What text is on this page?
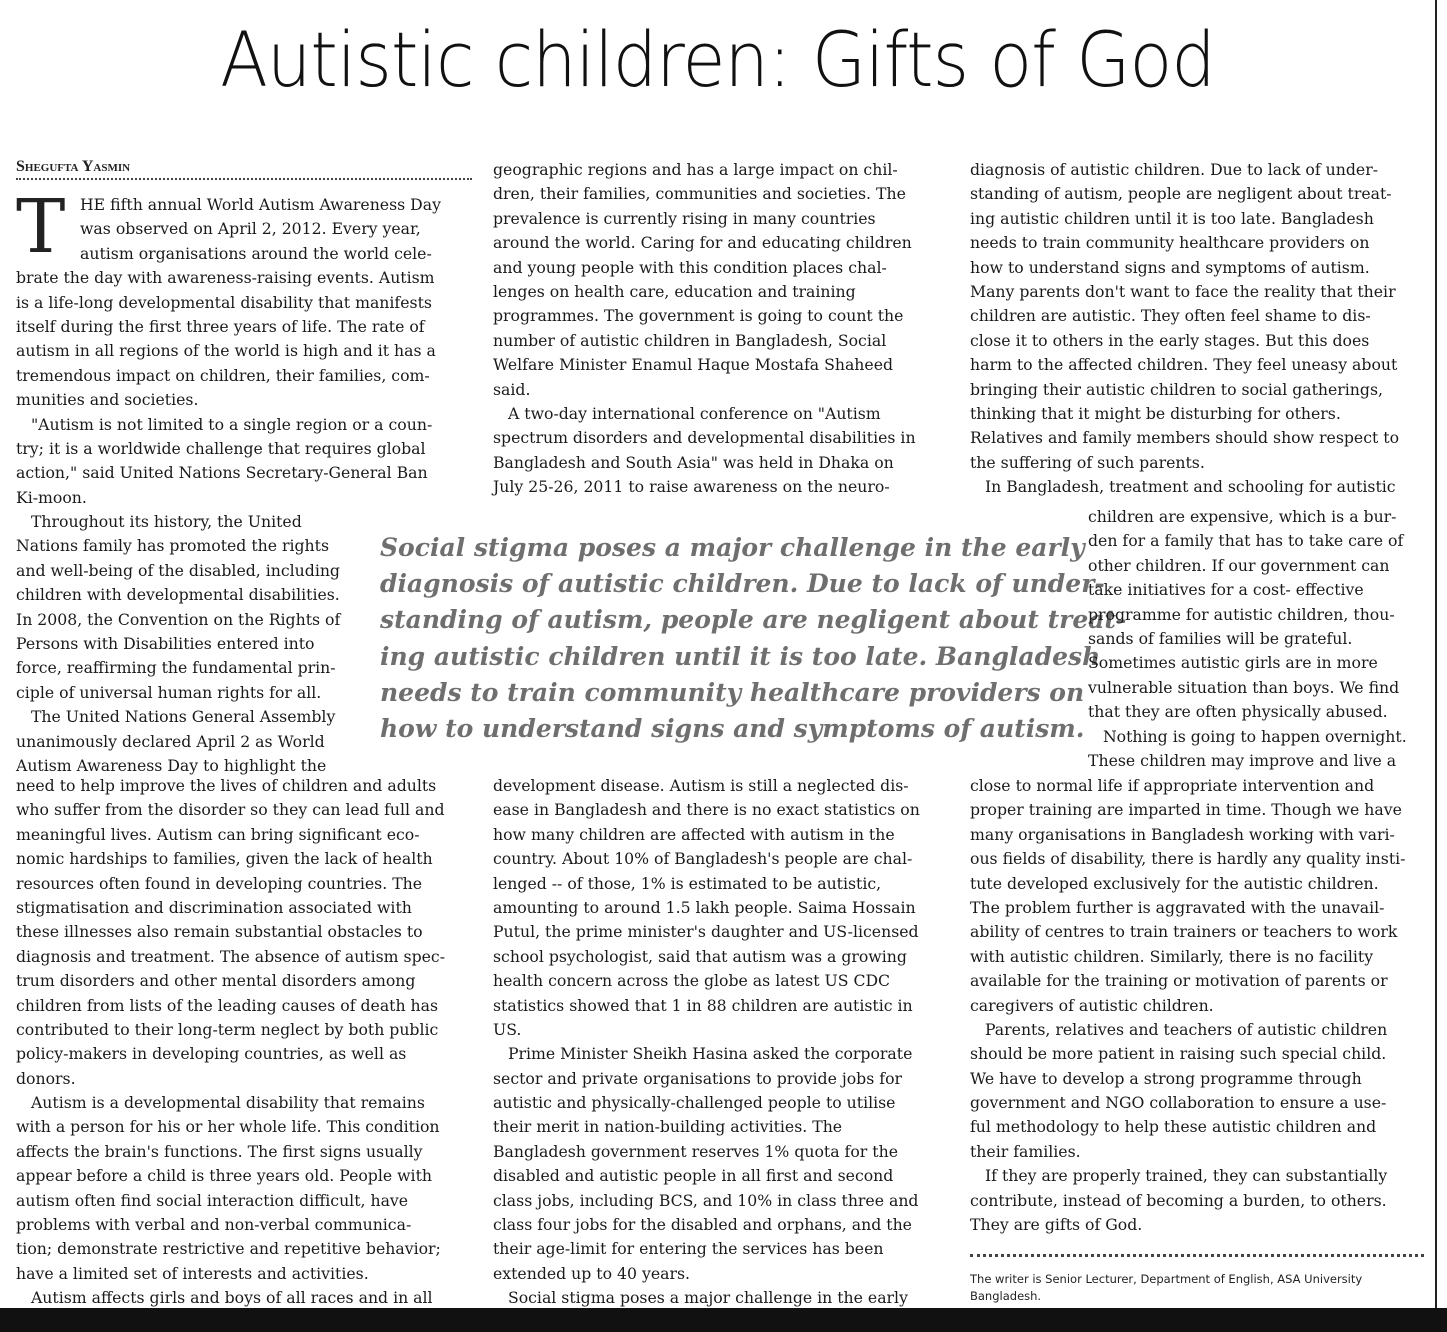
Autistic children: Gifts of God
Shegufta Yasmin
T HE fifth annual World Autism Awareness Day
was observed on April 2, 2012. Every year,
autism organisations around the world cele-
brate the day with awareness-raising events. Autism
is a life-long developmental disability that manifests
itself during the first three years of life. The rate of
autism in all regions of the world is high and it has a
tremendous impact on children, their families, com-
munities and societies.
"Autism is not limited to a single region or a coun-
try; it is a worldwide challenge that requires global
action," said United Nations Secretary-General Ban
Ki-moon.
Throughout its history, the United
Nations family has promoted the rights
and well-being of the disabled, including
children with developmental disabilities.
In 2008, the Convention on the Rights of
Persons with Disabilities entered into
force, reaffirming the fundamental prin-
ciple of universal human rights for all.
The United Nations General Assembly
unanimously declared April 2 as World
Autism Awareness Day to highlight the
need to help improve the lives of children and adults
who suffer from the disorder so they can lead full and
meaningful lives. Autism can bring significant eco-
nomic hardships to families, given the lack of health
resources often found in developing countries. The
stigmatisation and discrimination associated with
these illnesses also remain substantial obstacles to
diagnosis and treatment. The absence of autism spec-
trum disorders and other mental disorders among
children from lists of the leading causes of death has
contributed to their long-term neglect by both public
policy-makers in developing countries, as well as
donors.
Autism is a developmental disability that remains
with a person for his or her whole life. This condition
affects the brain's functions. The first signs usually
appear before a child is three years old. People with
autism often find social interaction difficult, have
problems with verbal and non-verbal communica-
tion; demonstrate restrictive and repetitive behavior;
have a limited set of interests and activities.
Autism affects girls and boys of all races and in all
geographic regions and has a large impact on chil-
dren, their families, communities and societies. The
prevalence is currently rising in many countries
around the world. Caring for and educating children
and young people with this condition places chal-
lenges on health care, education and training
programmes. The government is going to count the
number of autistic children in Bangladesh, Social
Welfare Minister Enamul Haque Mostafa Shaheed
said.
A two-day international conference on "Autism
spectrum disorders and developmental disabilities in
Bangladesh and South Asia" was held in Dhaka on
July 25-26, 2011 to raise awareness on the neuro-
Social stigma poses a major challenge in the early
diagnosis of autistic children. Due to lack of under-
standing of autism, people are negligent about treat-
ing autistic children until it is too late. Bangladesh
needs to train community healthcare providers on
how to understand signs and symptoms of autism.
development disease. Autism is still a neglected dis-
ease in Bangladesh and there is no exact statistics on
how many children are affected with autism in the
country. About 10% of Bangladesh's people are chal-
lenged -- of those, 1% is estimated to be autistic,
amounting to around 1.5 lakh people. Saima Hossain
Putul, the prime minister's daughter and US-licensed
school psychologist, said that autism was a growing
health concern across the globe as latest US CDC
statistics showed that 1 in 88 children are autistic in
US.
Prime Minister Sheikh Hasina asked the corporate
sector and private organisations to provide jobs for
autistic and physically-challenged people to utilise
their merit in nation-building activities. The
Bangladesh government reserves 1% quota for the
disabled and autistic people in all first and second
class jobs, including BCS, and 10% in class three and
class four jobs for the disabled and orphans, and the
their age-limit for entering the services has been
extended up to 40 years.
Social stigma poses a major challenge in the early
diagnosis of autistic children. Due to lack of under-
standing of autism, people are negligent about treat-
ing autistic children until it is too late. Bangladesh
needs to train community healthcare providers on
how to understand signs and symptoms of autism.
Many parents don't want to face the reality that their
children are autistic. They often feel shame to dis-
close it to others in the early stages. But this does
harm to the affected children. They feel uneasy about
bringing their autistic children to social gatherings,
thinking that it might be disturbing for others.
Relatives and family members should show respect to
the suffering of such parents.
In Bangladesh, treatment and schooling for autistic
children are expensive, which is a bur-
den for a family that has to take care of
other children. If our government can
take initiatives for a cost- effective
programme for autistic children, thou-
sands of families will be grateful.
Sometimes autistic girls are in more
vulnerable situation than boys. We find
that they are often physically abused.
Nothing is going to happen overnight.
These children may improve and live a
close to normal life if appropriate intervention and
proper training are imparted in time. Though we have
many organisations in Bangladesh working with vari-
ous fields of disability, there is hardly any quality insti-
tute developed exclusively for the autistic children.
The problem further is aggravated with the unavail-
ability of centres to train trainers or teachers to work
with autistic children. Similarly, there is no facility
available for the training or motivation of parents or
caregivers of autistic children.
Parents, relatives and teachers of autistic children
should be more patient in raising such special child.
We have to develop a strong programme through
government and NGO collaboration to ensure a use-
ful methodology to help these autistic children and
their families.
If they are properly trained, they can substantially
contribute, instead of becoming a burden, to others.
They are gifts of God.
The writer is Senior Lecturer, Department of English, ASA University Bangladesh.
